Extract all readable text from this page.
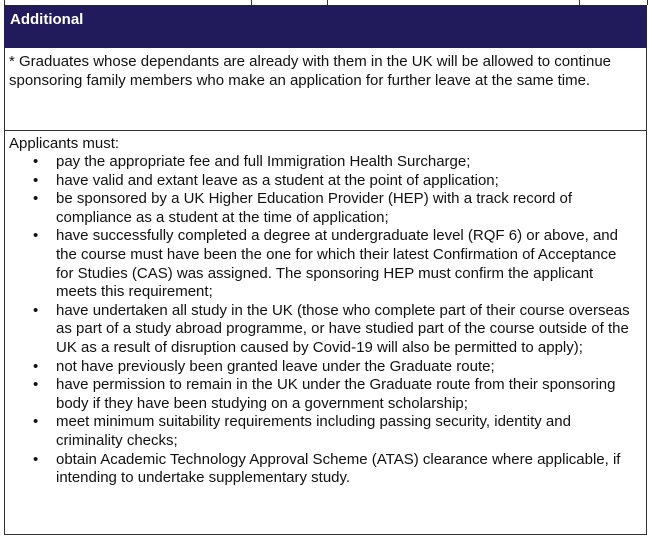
Additional
* Graduates whose dependants are already with them in the UK will be allowed to continue sponsoring family members who make an application for further leave at the same time.
Applicants must:
• pay the appropriate fee and full Immigration Health Surcharge;
• have valid and extant leave as a student at the point of application;
• be sponsored by a UK Higher Education Provider (HEP) with a track record of compliance as a student at the time of application;
• have successfully completed a degree at undergraduate level (RQF 6) or above, and the course must have been the one for which their latest Confirmation of Acceptance for Studies (CAS) was assigned. The sponsoring HEP must confirm the applicant meets this requirement;
• have undertaken all study in the UK (those who complete part of their course overseas as part of a study abroad programme, or have studied part of the course outside of the UK as a result of disruption caused by Covid-19 will also be permitted to apply);
• not have previously been granted leave under the Graduate route;
• have permission to remain in the UK under the Graduate route from their sponsoring body if they have been studying on a government scholarship;
• meet minimum suitability requirements including passing security, identity and criminality checks;
• obtain Academic Technology Approval Scheme (ATAS) clearance where applicable, if intending to undertake supplementary study.
